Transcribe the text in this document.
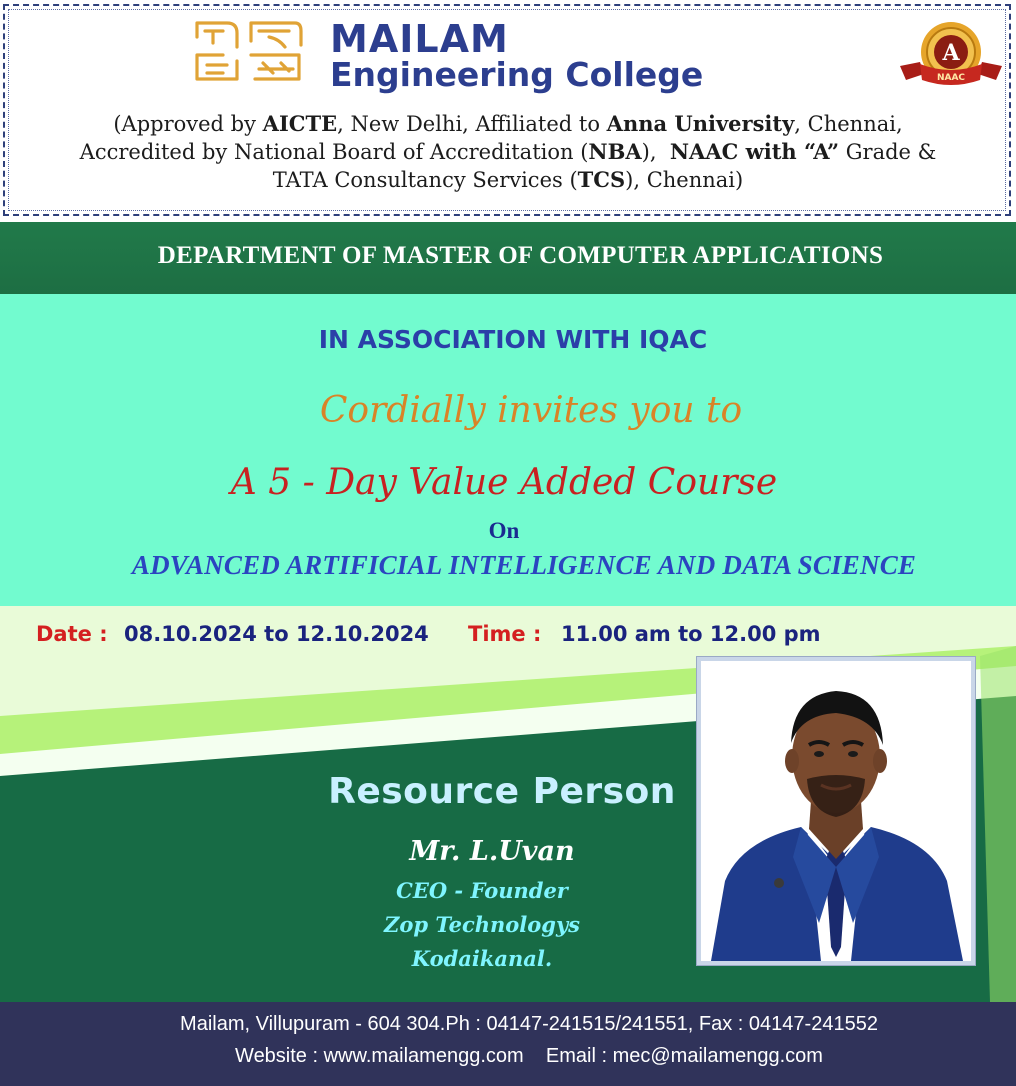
MAILAM
Engineering College
A
NAAC
(Approved by AICTE, New Delhi, Affiliated to Anna University, Chennai,
Accredited by National Board of Accreditation (NBA),  NAAC with “A” Grade &
TATA Consultancy Services (TCS), Chennai)
DEPARTMENT OF MASTER OF COMPUTER APPLICATIONS
IN ASSOCIATION WITH IQAC
Cordially invites you to
A 5 - Day Value Added Course
On
ADVANCED ARTIFICIAL INTELLIGENCE AND DATA SCIENCE
Date : 08.10.2024 to 12.10.2024 Time : 11.00 am to 12.00 pm
Resource Person
Mr. L.Uvan
CEO - Founder
Zop Technologys
Kodaikanal.
Mailam, Villupuram - 604 304.Ph : 04147-241515/241551, Fax : 04147-241552
Website : www.mailamengg.com    Email : mec@mailamengg.com
